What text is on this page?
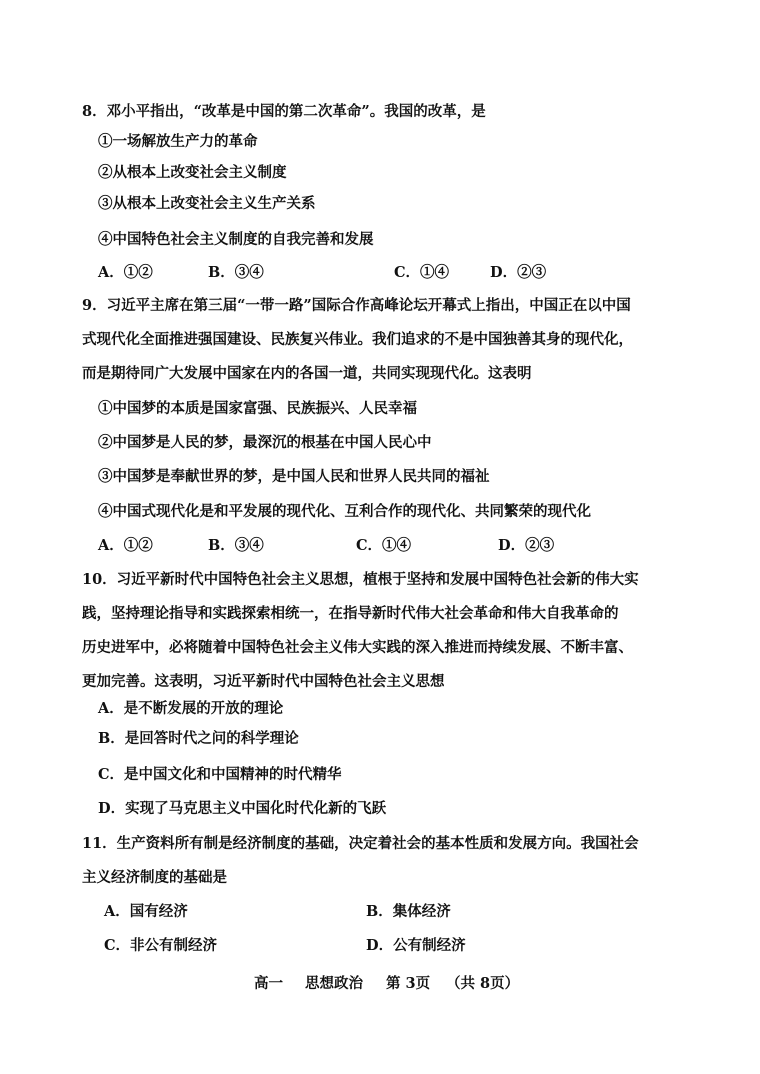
8．邓小平指出，“改革是中国的第二次革命”。我国的改革，是
①一场解放生产力的革命
②从根本上改变社会主义制度
③从根本上改变社会主义生产关系
④中国特色社会主义制度的自我完善和发展
A．①②	B．③④	C．①④	D．②③
9．习近平主席在第三届“一带一路”国际合作高峰论坛开幕式上指出，中国正在以中国
式现代化全面推进强国建设、民族复兴伟业。我们追求的不是中国独善其身的现代化，
而是期待同广大发展中国家在内的各国一道，共同实现现代化。这表明
①中国梦的本质是国家富强、民族振兴、人民幸福
②中国梦是人民的梦，最深沉的根基在中国人民心中
③中国梦是奉献世界的梦，是中国人民和世界人民共同的福祉
④中国式现代化是和平发展的现代化、互利合作的现代化、共同繁荣的现代化
A．①②	B．③④	C．①④	D．②③
10．习近平新时代中国特色社会主义思想，植根于坚持和发展中国特色社会新的伟大实
践，坚持理论指导和实践探索相统一，在指导新时代伟大社会革命和伟大自我革命的
历史进军中，必将随着中国特色社会主义伟大实践的深入推进而持续发展、不断丰富、
更加完善。这表明，习近平新时代中国特色社会主义思想
A．是不断发展的开放的理论
B．是回答时代之问的科学理论
C．是中国文化和中国精神的时代精华
D．实现了马克思主义中国化时代化新的飞跃
11．生产资料所有制是经济制度的基础，决定着社会的基本性质和发展方向。我国社会
主义经济制度的基础是
A．国有经济	B．集体经济
C．非公有制经济	D．公有制经济
高一 思想政治 第 3页 （共 8页）
